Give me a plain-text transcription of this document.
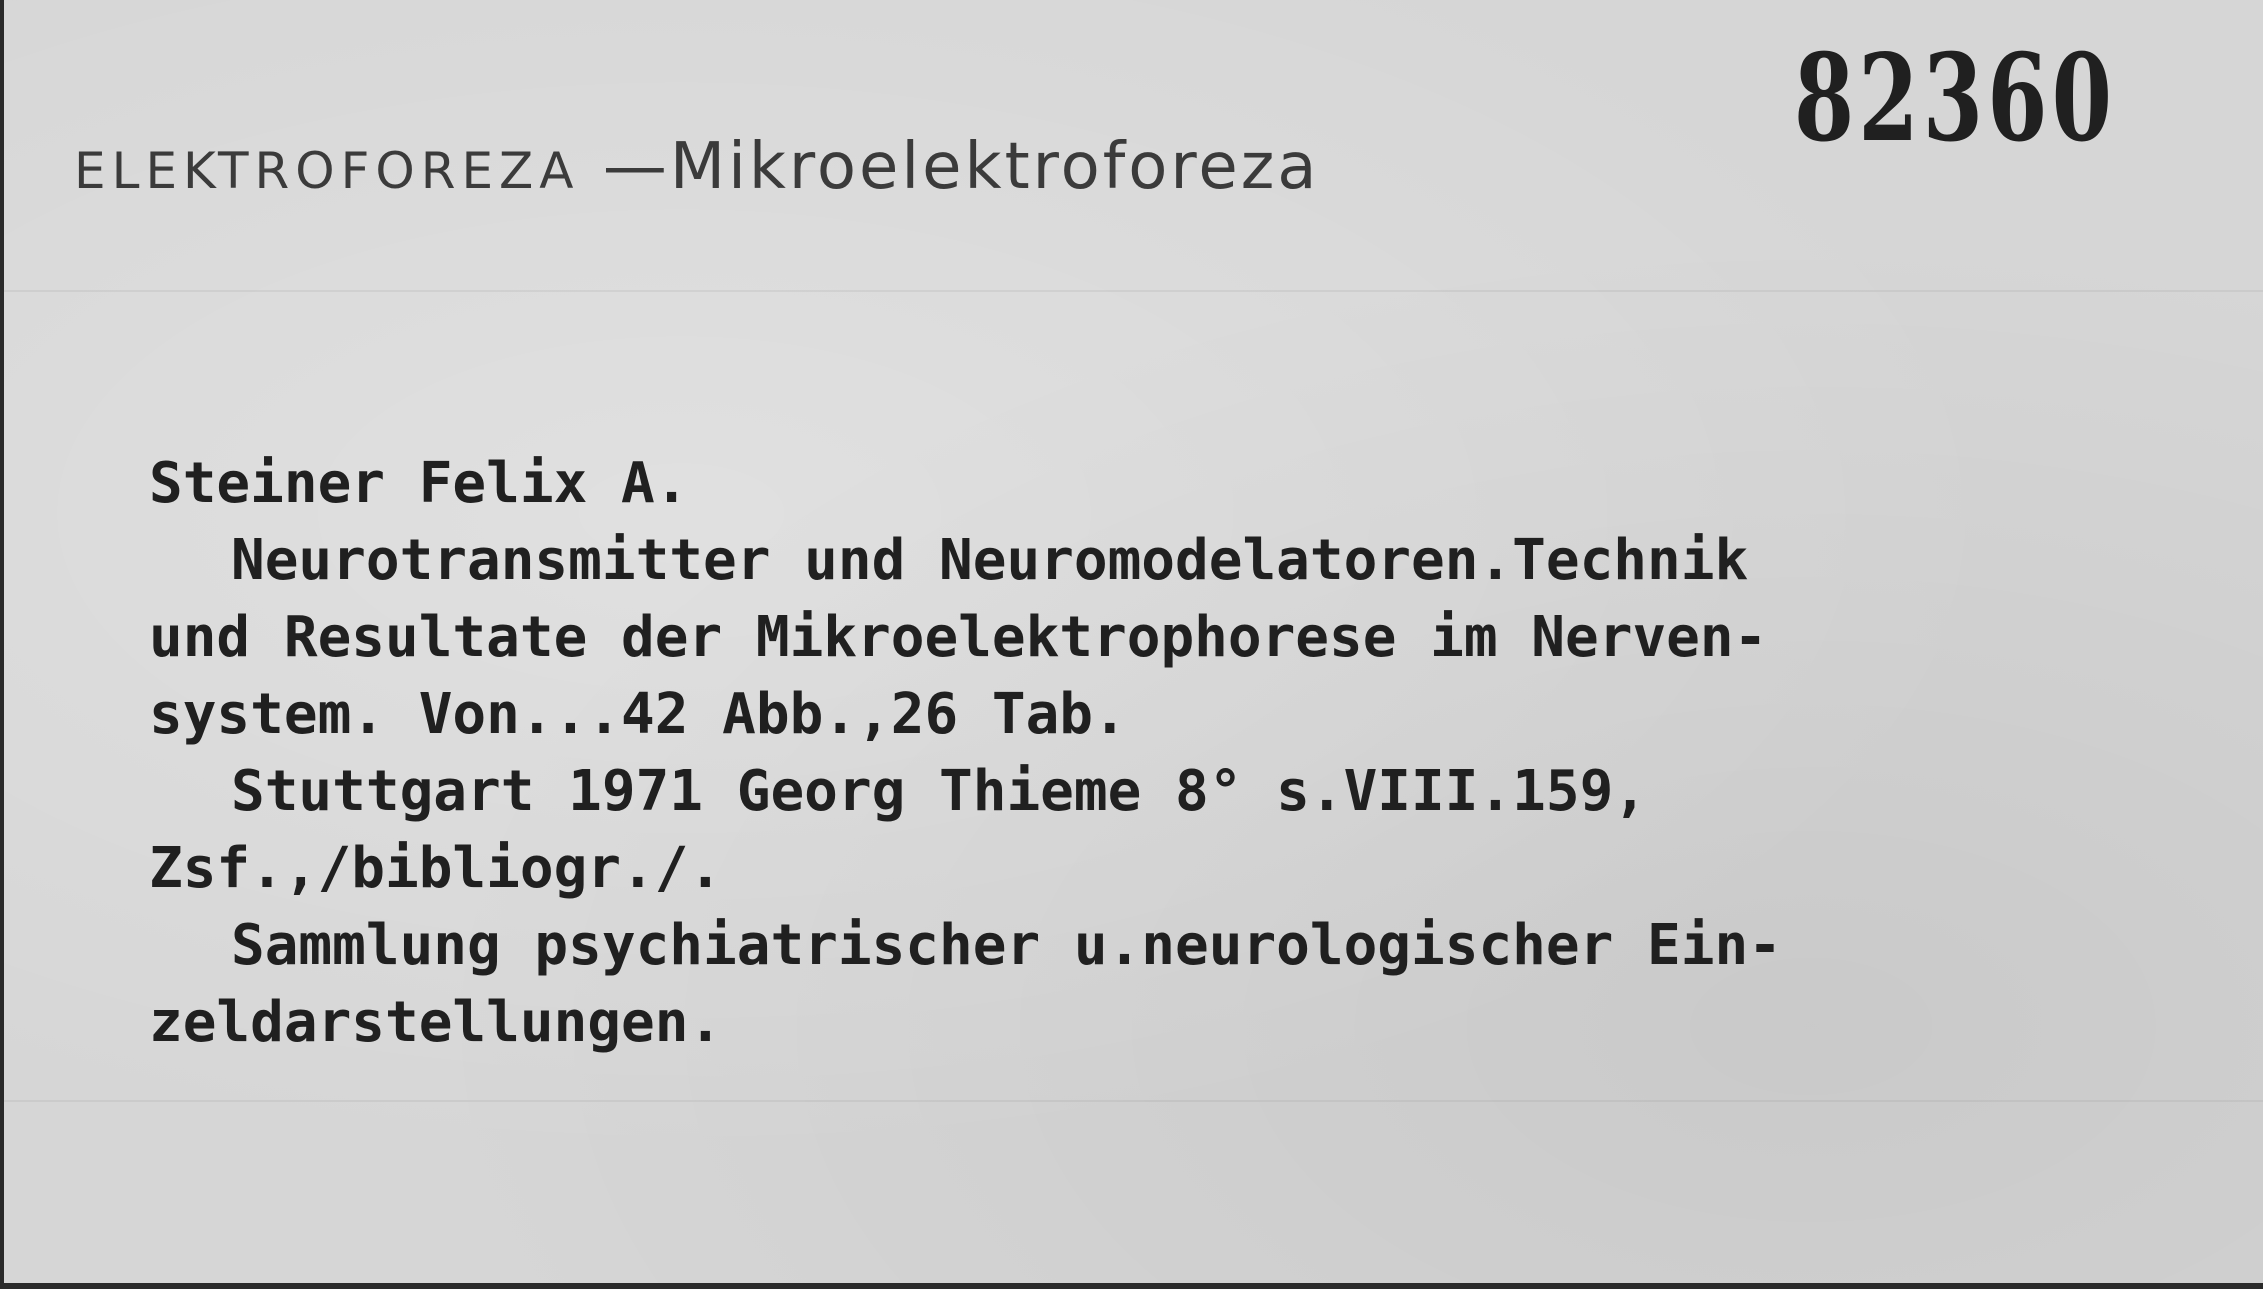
ELEKTROFOREZA —Mikroelektroforeza	82360
Steiner Felix A.
Neurotransmitter und Neuromodelatoren.Technik
und Resultate der Mikroelektrophorese im Nerven-
system. Von...42 Abb.,26 Tab.
Stuttgart 1971 Georg Thieme 8° s.VIII.159,
Zsf.,/bibliogr./.
Sammlung psychiatrischer u.neurologischer Ein-
zeldarstellungen.
